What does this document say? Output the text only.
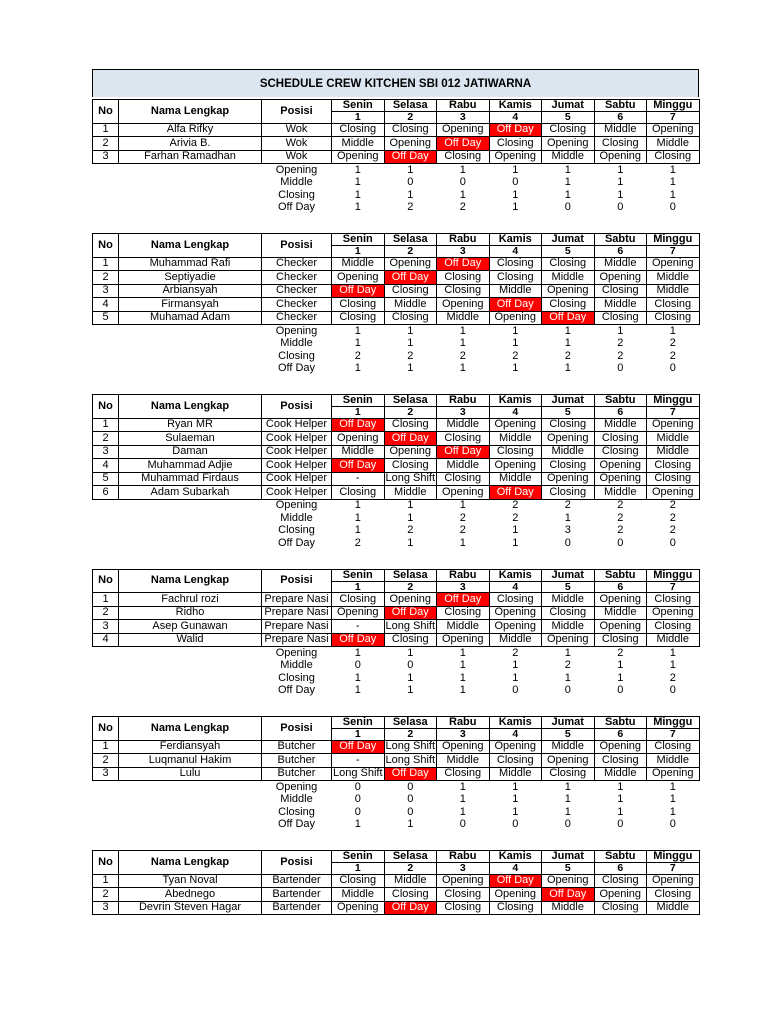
SCHEDULE CREW KITCHEN SBI 012 JATIWARNA
No	Nama Lengkap	Posisi	Senin	Selasa	Rabu	Kamis	Jumat	Sabtu	Minggu
			1	2	3	4	5	6	7
1	Alfa Rifky	Wok	Closing	Closing	Opening	Off Day	Closing	Middle	Opening
2	Arivia B.	Wok	Middle	Opening	Off Day	Closing	Opening	Closing	Middle
3	Farhan Ramadhan	Wok	Opening	Off Day	Closing	Opening	Middle	Opening	Closing
		Opening	1	1	1	1	1	1	1
		Middle	1	0	0	0	1	1	1
		Closing	1	1	1	1	1	1	1
		Off Day	1	2	2	1	0	0	0
No	Nama Lengkap	Posisi	Senin	Selasa	Rabu	Kamis	Jumat	Sabtu	Minggu
			1	2	3	4	5	6	7
1	Muhammad Rafi	Checker	Middle	Opening	Off Day	Closing	Closing	Middle	Opening
2	Septiyadie	Checker	Opening	Off Day	Closing	Closing	Middle	Opening	Middle
3	Arbiansyah	Checker	Off Day	Closing	Closing	Middle	Opening	Closing	Middle
4	Firmansyah	Checker	Closing	Middle	Opening	Off Day	Closing	Middle	Closing
5	Muhamad Adam	Checker	Closing	Closing	Middle	Opening	Off Day	Closing	Closing
		Opening	1	1	1	1	1	1	1
		Middle	1	1	1	1	1	2	2
		Closing	2	2	2	2	2	2	2
		Off Day	1	1	1	1	1	0	0
No	Nama Lengkap	Posisi	Senin	Selasa	Rabu	Kamis	Jumat	Sabtu	Minggu
			1	2	3	4	5	6	7
1	Ryan MR	Cook Helper	Off Day	Closing	Middle	Opening	Closing	Middle	Opening
2	Sulaeman	Cook Helper	Opening	Off Day	Closing	Middle	Opening	Closing	Middle
3	Daman	Cook Helper	Middle	Opening	Off Day	Closing	Middle	Closing	Middle
4	Muhammad Adjie	Cook Helper	Off Day	Closing	Middle	Opening	Closing	Opening	Closing
5	Muhammad Firdaus	Cook Helper	-	Long Shift	Closing	Middle	Opening	Opening	Closing
6	Adam Subarkah	Cook Helper	Closing	Middle	Opening	Off Day	Closing	Middle	Opening
		Opening	1	1	1	2	2	2	2
		Middle	1	1	2	2	1	2	2
		Closing	1	2	2	1	3	2	2
		Off Day	2	1	1	1	0	0	0
No	Nama Lengkap	Posisi	Senin	Selasa	Rabu	Kamis	Jumat	Sabtu	Minggu
			1	2	3	4	5	6	7
1	Fachrul rozi	Prepare Nasi	Closing	Opening	Off Day	Closing	Middle	Opening	Closing
2	Ridho	Prepare Nasi	Opening	Off Day	Closing	Opening	Closing	Middle	Opening
3	Asep Gunawan	Prepare Nasi	-	Long Shift	Middle	Opening	Middle	Opening	Closing
4	Walid	Prepare Nasi	Off Day	Closing	Opening	Middle	Opening	Closing	Middle
		Opening	1	1	1	2	1	2	1
		Middle	0	0	1	1	2	1	1
		Closing	1	1	1	1	1	1	2
		Off Day	1	1	1	0	0	0	0
No	Nama Lengkap	Posisi	Senin	Selasa	Rabu	Kamis	Jumat	Sabtu	Minggu
			1	2	3	4	5	6	7
1	Ferdiansyah	Butcher	Off Day	Long Shift	Opening	Opening	Middle	Opening	Closing
2	Luqmanul Hakim	Butcher	-	Long Shift	Middle	Closing	Opening	Closing	Middle
3	Lulu	Butcher	Long Shift	Off Day	Closing	Middle	Closing	Middle	Opening
		Opening	0	0	1	1	1	1	1
		Middle	0	0	1	1	1	1	1
		Closing	0	0	1	1	1	1	1
		Off Day	1	1	0	0	0	0	0
No	Nama Lengkap	Posisi	Senin	Selasa	Rabu	Kamis	Jumat	Sabtu	Minggu
			1	2	3	4	5	6	7
1	Tyan Noval	Bartender	Closing	Middle	Opening	Off Day	Opening	Closing	Opening
2	Abednego	Bartender	Middle	Closing	Closing	Opening	Off Day	Opening	Closing
3	Devrin Steven Hagar	Bartender	Opening	Off Day	Closing	Closing	Middle	Closing	Middle
